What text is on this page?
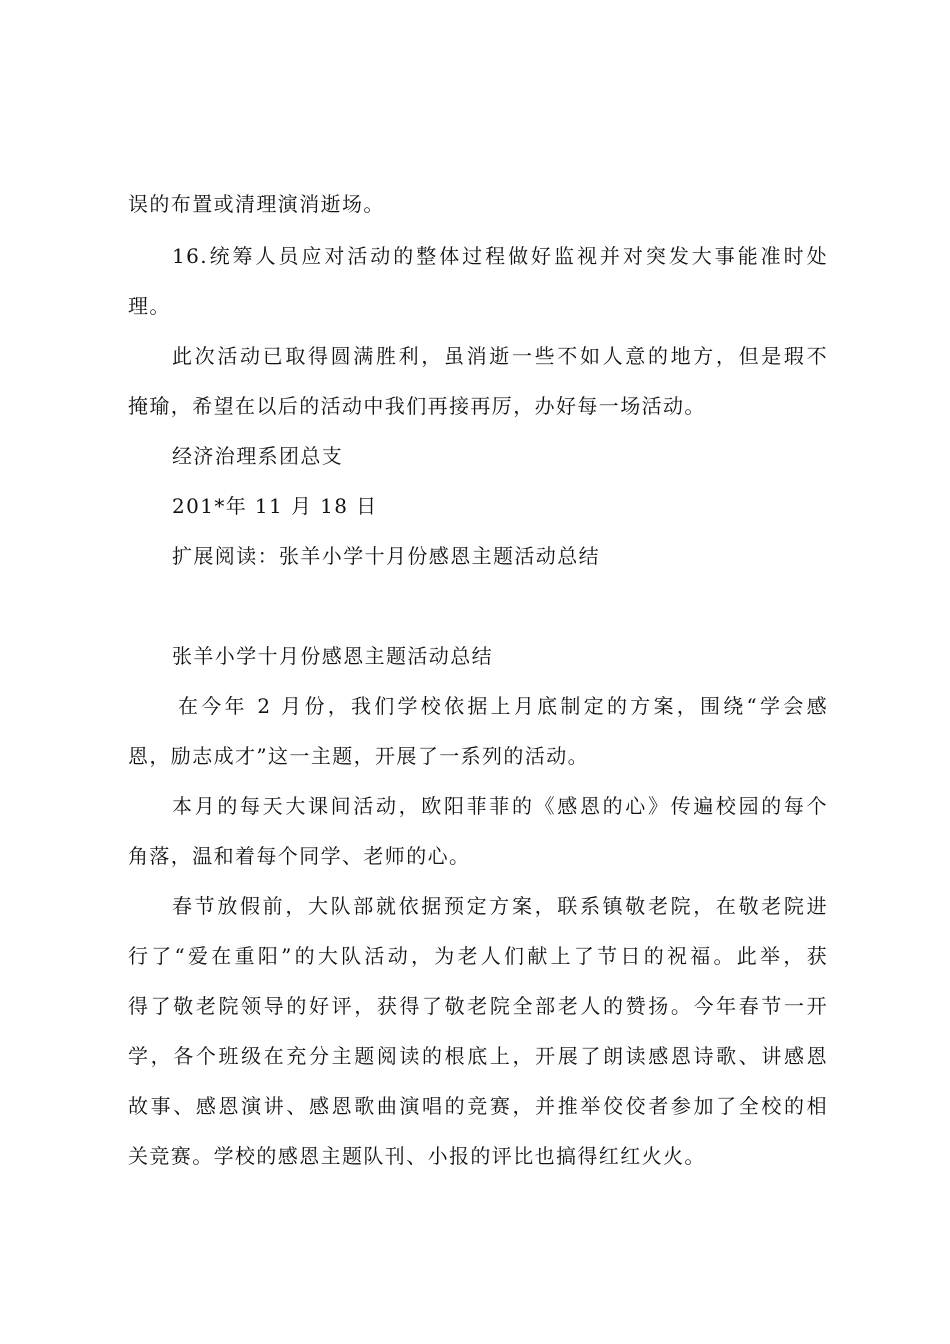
误的布置或清理演消逝场。
16.统筹人员应对活动的整体过程做好监视并对突发大事能准时处
理。
此次活动已取得圆满胜利，虽消逝一些不如人意的地方，但是瑕不
掩瑜，希望在以后的活动中我们再接再厉，办好每一场活动。
经济治理系团总支
201*年 11 月 18 日
扩展阅读：张羊小学十月份感恩主题活动总结
张羊小学十月份感恩主题活动总结
在今年 2 月份，我们学校依据上月底制定的方案，围绕“学会感
恩，励志成才”这一主题，开展了一系列的活动。
本月的每天大课间活动，欧阳菲菲的《感恩的心》传遍校园的每个
角落，温和着每个同学、老师的心。
春节放假前，大队部就依据预定方案，联系镇敬老院，在敬老院进
行了“爱在重阳”的大队活动，为老人们献上了节日的祝福。此举，获
得了敬老院领导的好评，获得了敬老院全部老人的赞扬。今年春节一开
学，各个班级在充分主题阅读的根底上，开展了朗读感恩诗歌、讲感恩
故事、感恩演讲、感恩歌曲演唱的竞赛，并推举佼佼者参加了全校的相
关竞赛。学校的感恩主题队刊、小报的评比也搞得红红火火。
